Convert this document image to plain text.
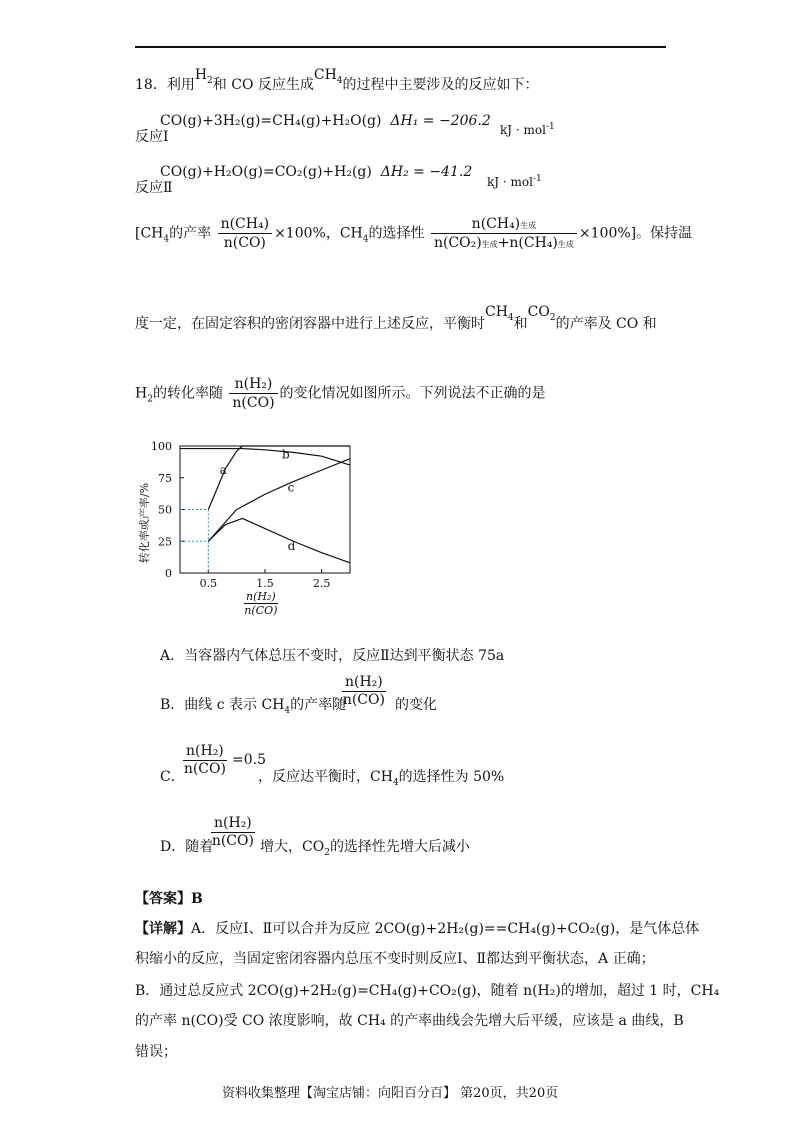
18．利用$H_2$和 CO 反应生成$CH_4$的过程中主要涉及的反应如下：
反应Ⅰ
CO(g)+3H₂(g)=CH₄(g)+H₂O(g) ΔH₁ = −206.2
kJ · mol$^{-1}$
反应Ⅱ
CO(g)+H₂O(g)=CO₂(g)+H₂(g) ΔH₂ = −41.2
kJ · mol$^{-1}$
[$CH_4$的产率 $\frac{\text{n(CH₄)}}{n(CO)} \times 100\%$，$CH_4$的选择性 $\frac{\text{n(CH₄)生成}}{\text{n(CO₂)生成+n(CH₄)生成}} \times 100\%$]。保持温
度一定，在固定容积的密闭容器中进行上述反应，平衡时$CH_4$和$CO_2$的产率及 CO 和
$H_2$的转化率随 $\frac{\text{n(H₂)}}{n(CO)}$ 的变化情况如图所示。下列说法不正确的是
0
25
50
75
100
0.5	1.5	2.5
a
b
c
d
转化率或产率/%
n(H₂)
n(CO)
A．当容器内气体总压不变时，反应Ⅱ达到平衡状态 75a
B．曲线 c 表示 $CH_4$的产率随
n(H₂)
n(CO) 的变化
n(H₂)
n(CO)
C．
=0.5
，反应达平衡时，$CH_4$的选择性为 50%
D．随着
n(H₂)
n(CO) 增大，$CO_2$的选择性先增大后减小
【答案】B
【详解】A．反应Ⅰ、Ⅱ可以合并为反应 2CO(g)+2H₂(g)==CH₄(g)+CO₂(g)，是气体总体
积缩小的反应，当固定密闭容器内总压不变时则反应Ⅰ、Ⅱ都达到平衡状态，A 正确；
B．通过总反应式 2CO(g)+2H₂(g)=CH₄(g)+CO₂(g)，随着 n(H₂)的增加，超过 1 时，CH₄
的产率 n(CO)受 CO 浓度影响，故 CH₄ 的产率曲线会先增大后平缓，应该是 a 曲线，B
错误；
资料收集整理【淘宝店铺：向阳百分百】 第20页，共20页
